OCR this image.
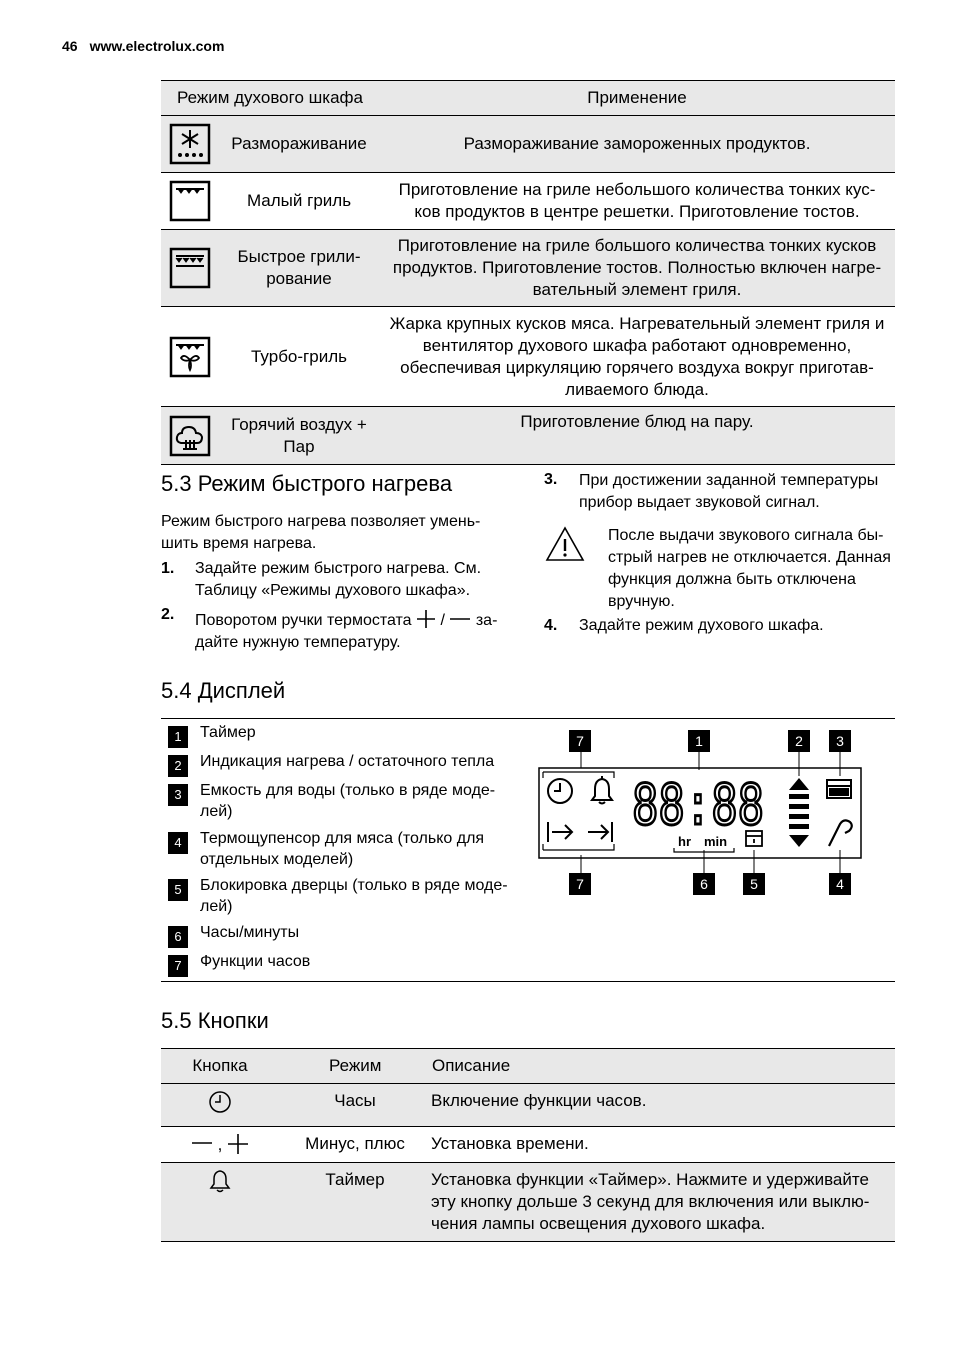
46 www.electrolux.com
Режим духового шкафа		Применение

	Размораживание	Размораживание замороженных продуктов.

	Малый гриль	Приготовление на гриле небольшого количества тонких кус-ков продуктов в центре решетки. Приготовление тостов.

	Быстрое грили-рование	Приготовление на гриле большого количества тонких кусков продуктов. Приготовление тостов. Полностью включен нагре-вательный элемент гриля.

	Турбо-гриль	Жарка крупных кусков мяса. Нагревательный элемент гриля и вентилятор духового шкафа работают одновременно, обеспечивая циркуляцию горячего воздуха вокруг приготав-ливаемого блюда.

	Горячий воздух + Пар	Приготовление блюд на пару.
5.3 Режим быстрого нагрева
Режим быстрого нагрева позволяет умень-шить время нагрева.
1. Задайте режим быстрого нагрева. См. Таблицу «Режимы духового шкафа».
2. Поворотом ручки термостата / за-дайте нужную температуру.
3. При достижении заданной температуры прибор выдает звуковой сигнал.
После выдачи звукового сигнала бы-стрый нагрев не отключается. Данная функция должна быть отключена вручную.
4. Задайте режим духового шкафа.
5.4 Дисплей
1	Таймер
2	Индикация нагрева / остаточного тепла
3	Емкость для воды (только в ряде моде-лей)
4	Термощупенсор для мяса (только для отдельных моделей)
5	Блокировка дверцы (только в ряде моде-лей)
6	Часы/минуты
7	Функции часов
7	1	2 3
7	6	5	4
88:88
hr min
5.5 Кнопки
Кнопка	Режим	Описание
	Часы	Включение функции часов.
,	Минус, плюс	Установка времени.
	Таймер	Установка функции «Таймер». Нажмите и удерживайте эту кнопку дольше 3 секунд для включения или выклю-чения лампы освещения духового шкафа.
